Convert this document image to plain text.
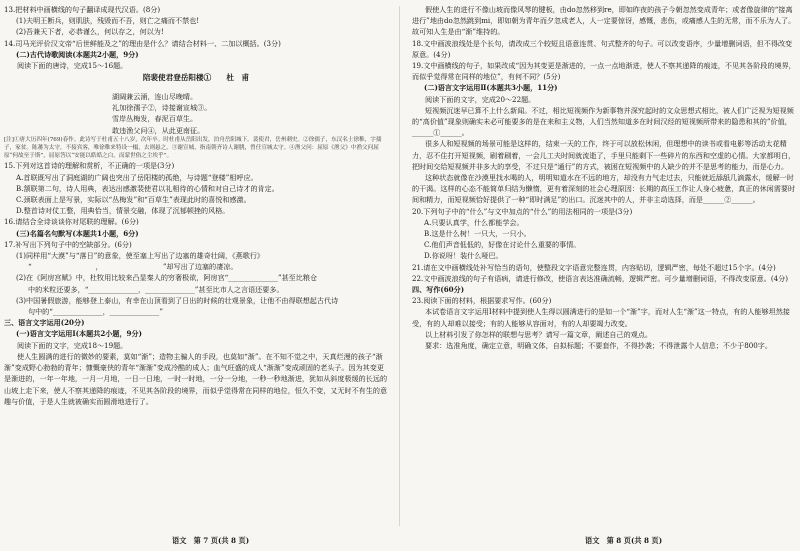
13.把材料中画横线的句子翻译成现代汉语。(8分)

(1)夫明王断兵，则肌肤，残毁而不吾，则亡之痛而不禁也!

(2)吾兼天下者，必恭谨么，何以存之，何以为!

14.司马光评价汉文帝“后世鲜能及之”的理由是什么？请结合材料一、二加以概括。(3分)

(二)古代诗歌阅读(本题共2小题，9分)

阅读下面的唐诗，完成15～16题。

陪裴使君登岳阳楼①　　杜　甫

湖阔兼云涌，连山尽晚晴。

礼加徐孺子②，诗接谢宣城③。

雪岸丛梅发，春泥百草生。

敢违渔父问④，从此更南征。

[注]①唐大历四年(769)春作。此诗写于杜甫五十八岁，次年卒。时杜甫从岳阳出发，泊舟岳阳城下。裴使君，岳州刺史。②徐孺子，东汉名士徐稚，字孺子，家贫。陈蕃为太守，不接宾客，唯徐稚来特设一榻，去则悬之。③谢宣城，指南朝齐诗人谢朓，曾任宣城太守。④渔父问：屈原《渔父》中渔父问屈原“何故至于斯”，屈原答以“安能以皓皓之白，而蒙世俗之尘埃乎”。

15.下列对这首诗的理解和赏析，不正确的一项是(3分)

A.首联既写出了洞庭湖的广阔也突出了岳阳楼的孤绝，与诗题“登楼”相呼应。

B.颔联第二句，诗人用典，表达出感激裴使君以礼相待的心情和对自己诗才的肯定。

C.颈联表面上是写景，实际以“丛梅发”和“百草生”表现此时的喜悦和感激。

D.整首诗对仗工整，用典恰当，情景交融，体现了沉郁顿挫的风格。

16.请结合全诗谈谈你对尾联的理解。(6分)

(三)名篇名句默写(本题共1小题，6分)

17.补写出下列句子中的空缺部分。(6分)

(1)同样用“大漠”与“落日”的意象，使至塞上写出了边塞的雄奇壮阔，《燕歌行》

“　　　　　　　　　，　　　　　　　　　”却写出了边塞的凄凉。

(2)在《阿房宫赋》中，杜牧用比较来凸显秦人的穷奢极欲，阿房宫“______________”甚至比粮仓

中的米粒还要多，“______________，______________”甚至比市人之言语还要多。

(3)中国暑假旅游，能够登上泰山，有幸在山顶看到了日出的时候的壮观景象，让他不由得联想起古代诗

句中的“______________，______________”

三、语言文字运用(20分)

(一)语言文字运用Ⅰ(本题共2小题，9分)

阅读下面的文字，完成18～19题。

使人生圆满的进行的微妙的要素，莫如“渐”；造物主骗人的手段，也莫如“渐”。在不知不觉之中，天真烂漫的孩子“渐渐”变成野心勃勃的青年；慷慨豪侠的青年“渐渐”变成冷酷的成人；血气旺盛的成人“渐渐”变成顽固的老头子。因为其变更是渐进的，一年一年地，一月一月地，一日一日地，一时一时地，一分一分地，一秒一秒地渐进，犹如从斜度极缓的长远的山坡上走下来，使人不察其递降的痕迹，不见其各阶段的境界，而似乎觉得常在同样的地位，恒久不变，又无时不有生的意趣与价值，于是人生就被确实而圆滑地进行了。

假使人生的进行不像山坡而像风琴的键板，由do忽然移到re，即如昨夜的孩子今朝忽然变成青年；或者像旋律的“接离进行”地由do忽然跳到mi，即如朝为青年而夕忽成老人，人一定要惊讶，感慨，悲伤，或痛感人生的无常，而不乐为人了。故可知人生是由“渐”维持的。

18.文中画波浪线处是个长句，请改成三个较短且语意连贯、句式整齐的句子。可以改变语序，少量增删词语，但不得改变原意。(4分)

19.文中画横线的句子，如果改成“因为其变更是渐进的，一点一点地渐进，使人不察其递降的痕迹，不见其各阶段的境界，而似乎觉得常在同样的地位”，有何不同？(5分)

(二)语言文字运用Ⅱ(本题共3小题，11分)

阅读下面的文字，完成20～22题。

短视频沉迷早已算不上什么新闻。不过，相比短视频作为新事物并深究起时的文众思想式相比，被人们广泛视为短视频的“高价值”现象则确实未必可能要多的是在来和主义物，人们当然知道多在时间汉经的短视频所带来的隐患和其的”价值，______①______。

很多人和短视频的场景可能是这样的，结束一天的工作，终于可以放松休闲，但理想中的读书或看电影等活动太花精力，忍不住打开短视频，刷着刷着，一会儿工夫时间就流逝了，手里只能剩下一些碎片的东西和空虚的心情。大家都明白，把时间交给短视频并非多大的享受，不过只是“通行”的方式，被困在短视频中的人缺少的并不是思考的能力，而是心力。

这种状态就像在沙漠里找水喝的人，明明知道水在不远的地方，却没有力气走过去，只能就近舔舐几滴露水，缓解一时的干渴。这样的心态不能简单归结为懒惰，更有着深刻的社会心理原因：长期的高压工作让人身心疲惫，真正的休闲需要时间和精力，而短视频恰好提供了一种“即时满足”的出口。沉迷其中的人，并非主动选择，而是______②______。

20.下列句子中的“什么”与文中加点的“什么”的用法相同的一项是(3分)

A.只要认真学，什么都能学会。

B.这是什么树！一只大，一只小。

C.他们声音低低的，好像在讨论什么重要的事情。

D.你说呀！装什么哑巴。

21.请在文中画横线处补写恰当的语句，使整段文字语意完整连贯，内容贴切，逻辑严密，每处不超过15个字。(4分)

22.文中画波浪线的句子有语病，请进行修改，使语言表达准确流畅，逻辑严密。可少量增删词语，不得改变原意。(4分)

四、写作(60分)

23.阅读下面的材料，根据要求写作。(60分)

本试卷语言文字运用Ⅰ材料中提到使人生得以圆满进行的是如一个“渐”字，而对人生“渐”这一特点，有的人能够坦然接受，有的人却难以接受；有的人能够从容面对，有的人却要竭力改变。

以上材料引发了你怎样的联想与思考？请写一篇文章，阐述自己的观点。

要求：选准角度，确定立意，明确文体，自拟标题；不要套作，不得抄袭；不得泄露个人信息；不少于800字。

语文　第 7 页(共 8 页)	语文　第 8 页(共 8 页)
